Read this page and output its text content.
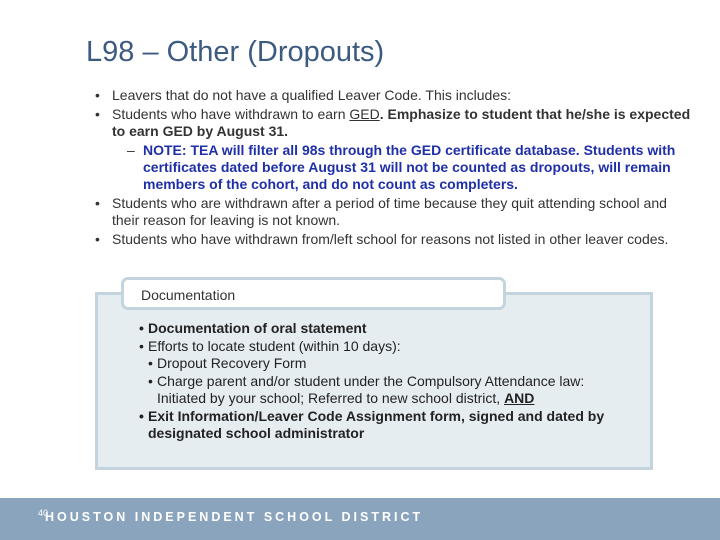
L98 – Other (Dropouts)
• Leavers that do not have a qualified Leaver Code. This includes:
• Students who have withdrawn to earn GED. Emphasize to student that he/she is expected to earn GED by August 31.
– NOTE: TEA will filter all 98s through the GED certificate database. Students with certificates dated before August 31 will not be counted as dropouts, will remain members of the cohort, and do not count as completers.
• Students who are withdrawn after a period of time because they quit attending school and their reason for leaving is not known.
• Students who have withdrawn from/left school for reasons not listed in other leaver codes.
Documentation
• Documentation of oral statement
• Efforts to locate student (within 10 days):
• Dropout Recovery Form
• Charge parent and/or student under the Compulsory Attendance law: Initiated by your school; Referred to new school district, AND
• Exit Information/Leaver Code Assignment form, signed and dated by designated school administrator
40
HOUSTON INDEPENDENT SCHOOL DISTRICT
